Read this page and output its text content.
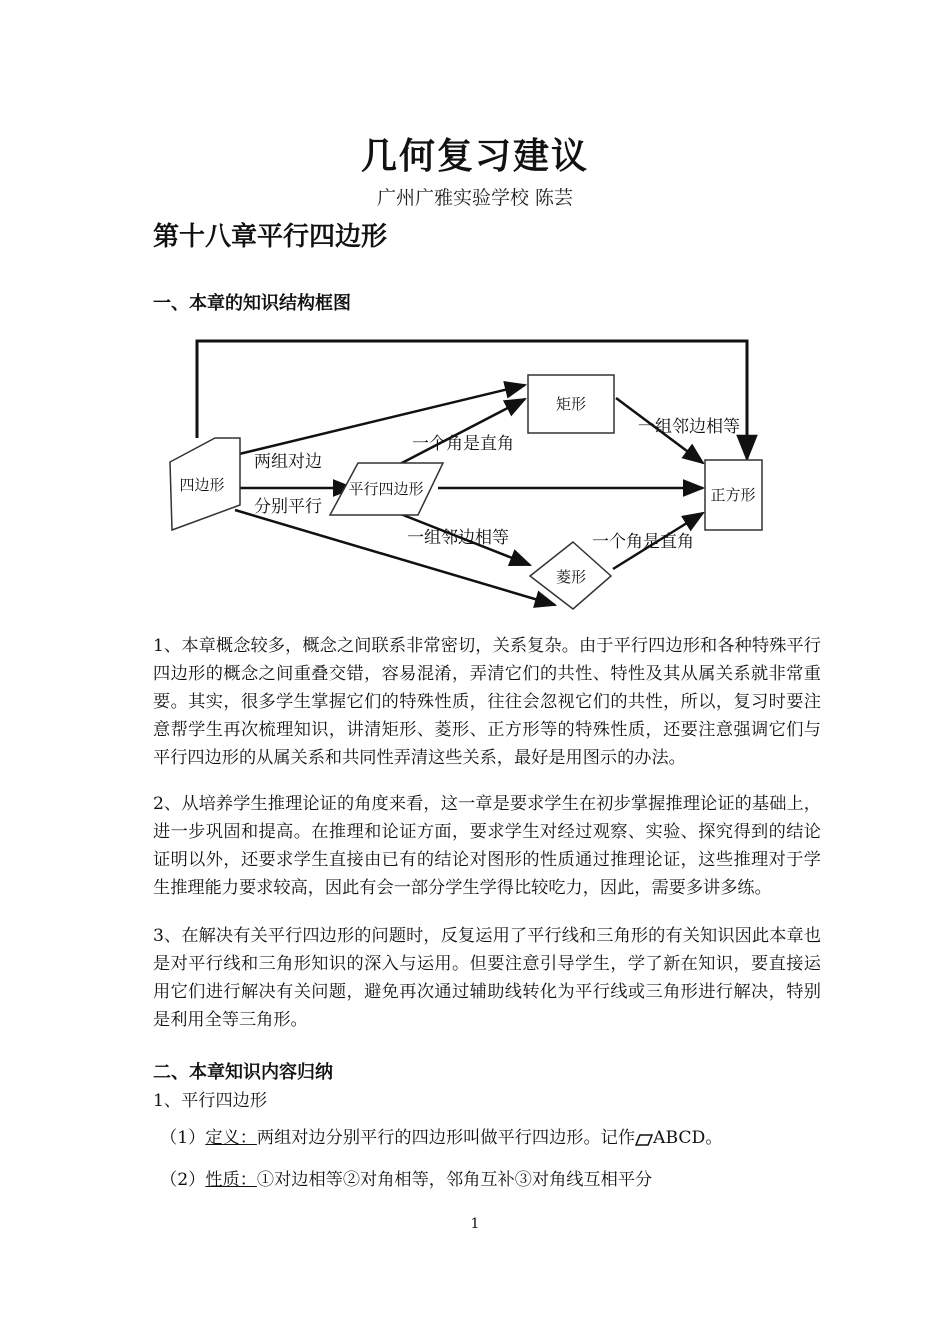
几何复习建议
广州广雅实验学校 陈芸
第十八章平行四边形
一、本章的知识结构框图
四边形	平行四边形
矩形
菱形
正方形
两组对边
分别平行
一个角是直角
一组邻边相等
一组邻边相等	一个角是直角
1、本章概念较多，概念之间联系非常密切，关系复杂。由于平行四边形和各种特殊平行四边形的概念之间重叠交错，容易混淆，弄清它们的共性、特性及其从属关系就非常重要。其实，很多学生掌握它们的特殊性质，往往会忽视它们的共性，所以，复习时要注意帮学生再次梳理知识，讲清矩形、菱形、正方形等的特殊性质，还要注意强调它们与平行四边形的从属关系和共同性弄清这些关系，最好是用图示的办法。
2、从培养学生推理论证的角度来看，这一章是要求学生在初步掌握推理论证的基础上，进一步巩固和提高。在推理和论证方面，要求学生对经过观察、实验、探究得到的结论证明以外，还要求学生直接由已有的结论对图形的性质通过推理论证，这些推理对于学生推理能力要求较高，因此有会一部分学生学得比较吃力，因此，需要多讲多练。
3、在解决有关平行四边形的问题时，反复运用了平行线和三角形的有关知识因此本章也是对平行线和三角形知识的深入与运用。但要注意引导学生，学了新在知识，要直接运用它们进行解决有关问题，避免再次通过辅助线转化为平行线或三角形进行解决，特别是利用全等三角形。
二、本章知识内容归纳
1、平行四边形
（1）定义：两组对边分别平行的四边形叫做平行四边形。记作 ABCD。
（2）性质：①对边相等②对角相等，邻角互补③对角线互相平分
1
